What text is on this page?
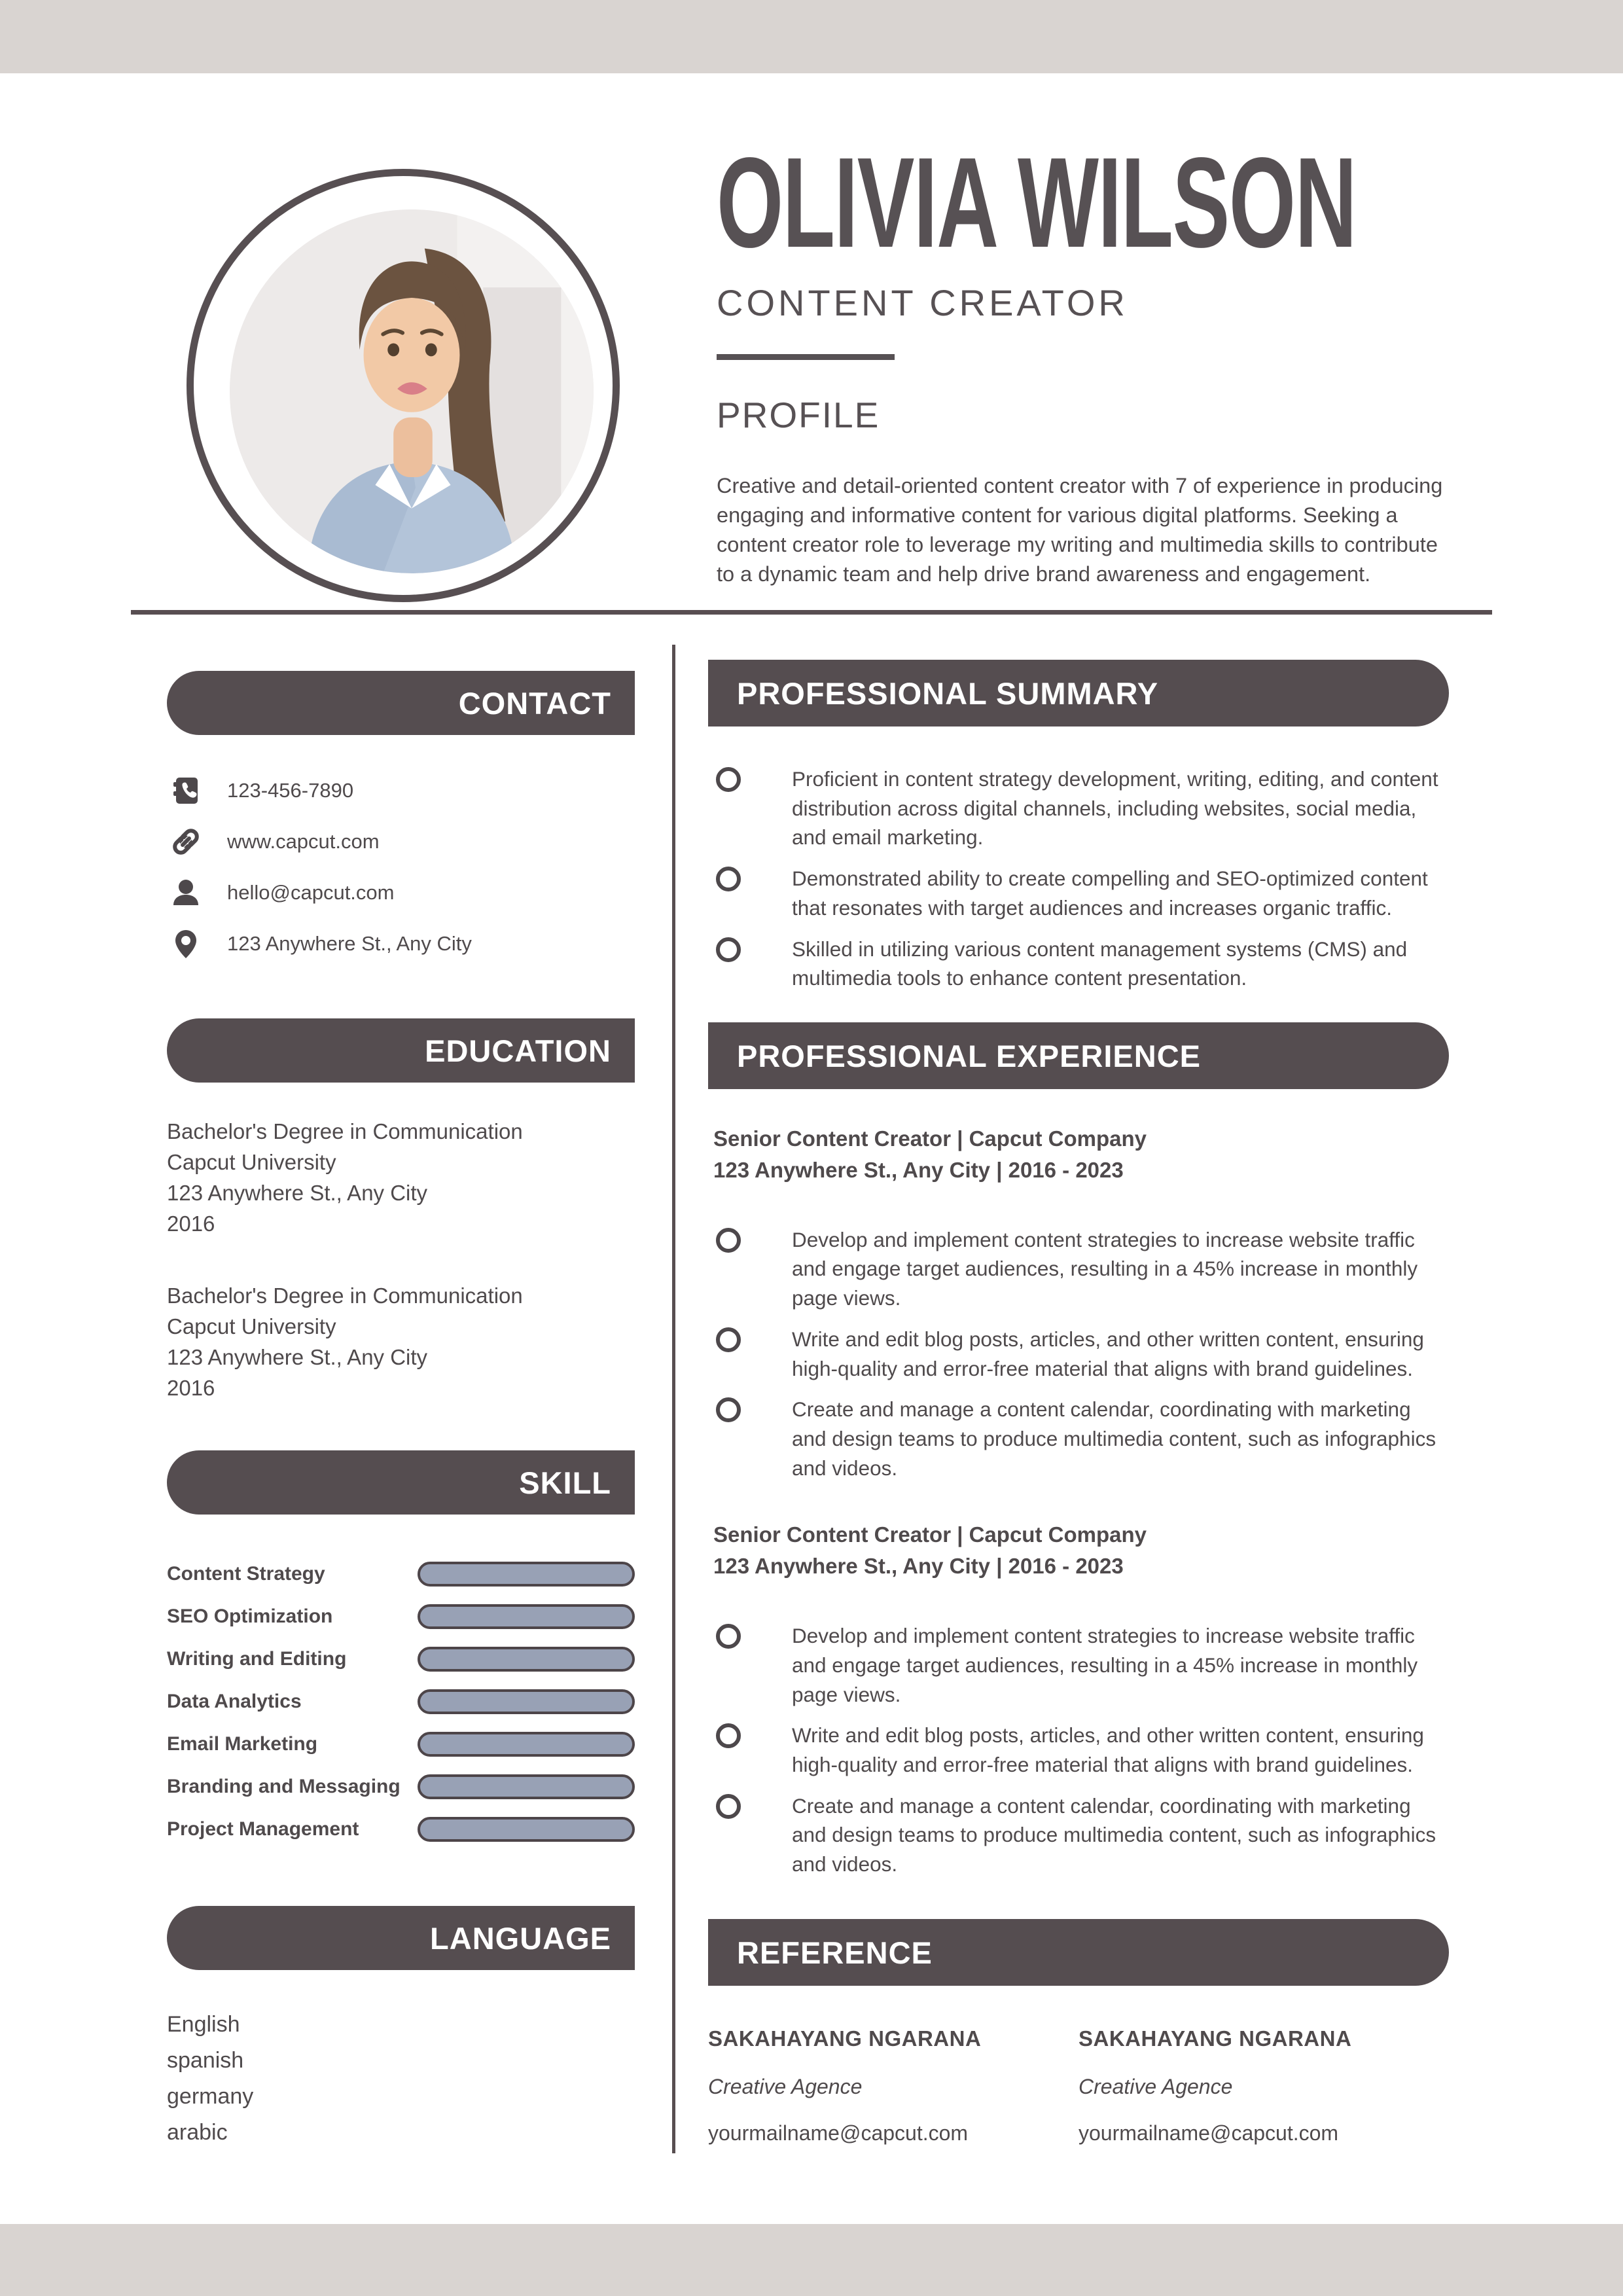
OLIVIA WILSON
CONTENT CREATOR
PROFILE

Creative and detail-oriented content creator with 7 of experience in producing engaging and informative content for various digital platforms. Seeking a content creator role to leverage my writing and multimedia skills to contribute to a dynamic team and help drive brand awareness and engagement.

CONTACT
123-456-7890
www.capcut.com
hello@capcut.com
123 Anywhere St., Any City
EDUCATION
Bachelor's Degree in Communication
Capcut University
123 Anywhere St., Any City
2016
Bachelor's Degree in Communication
Capcut University
123 Anywhere St., Any City
2016
SKILL
Content Strategy
SEO Optimization
Writing and Editing
Data Analytics
Email Marketing
Branding and Messaging
Project Management
LANGUAGE
English
spanish
germany
arabic
PROFESSIONAL SUMMARY
Proficient in content strategy development, writing, editing, and content distribution across digital channels, including websites, social media, and email marketing.
Demonstrated ability to create compelling and SEO-optimized content that resonates with target audiences and increases organic traffic.
Skilled in utilizing various content management systems (CMS) and multimedia tools to enhance content presentation.
PROFESSIONAL EXPERIENCE
Senior Content Creator | Capcut Company
123 Anywhere St., Any City | 2016 - 2023
Develop and implement content strategies to increase website traffic and engage target audiences, resulting in a 45% increase in monthly page views.
Write and edit blog posts, articles, and other written content, ensuring high-quality and error-free material that aligns with brand guidelines.
Create and manage a content calendar, coordinating with marketing and design teams to produce multimedia content, such as infographics and videos.
Senior Content Creator | Capcut Company
123 Anywhere St., Any City | 2016 - 2023
Develop and implement content strategies to increase website traffic and engage target audiences, resulting in a 45% increase in monthly page views.
Write and edit blog posts, articles, and other written content, ensuring high-quality and error-free material that aligns with brand guidelines.
Create and manage a content calendar, coordinating with marketing and design teams to produce multimedia content, such as infographics and videos.
REFERENCE
SAKAHAYANG NGARANA
Creative Agence
yourmailname@capcut.com
SAKAHAYANG NGARANA
Creative Agence
yourmailname@capcut.com
